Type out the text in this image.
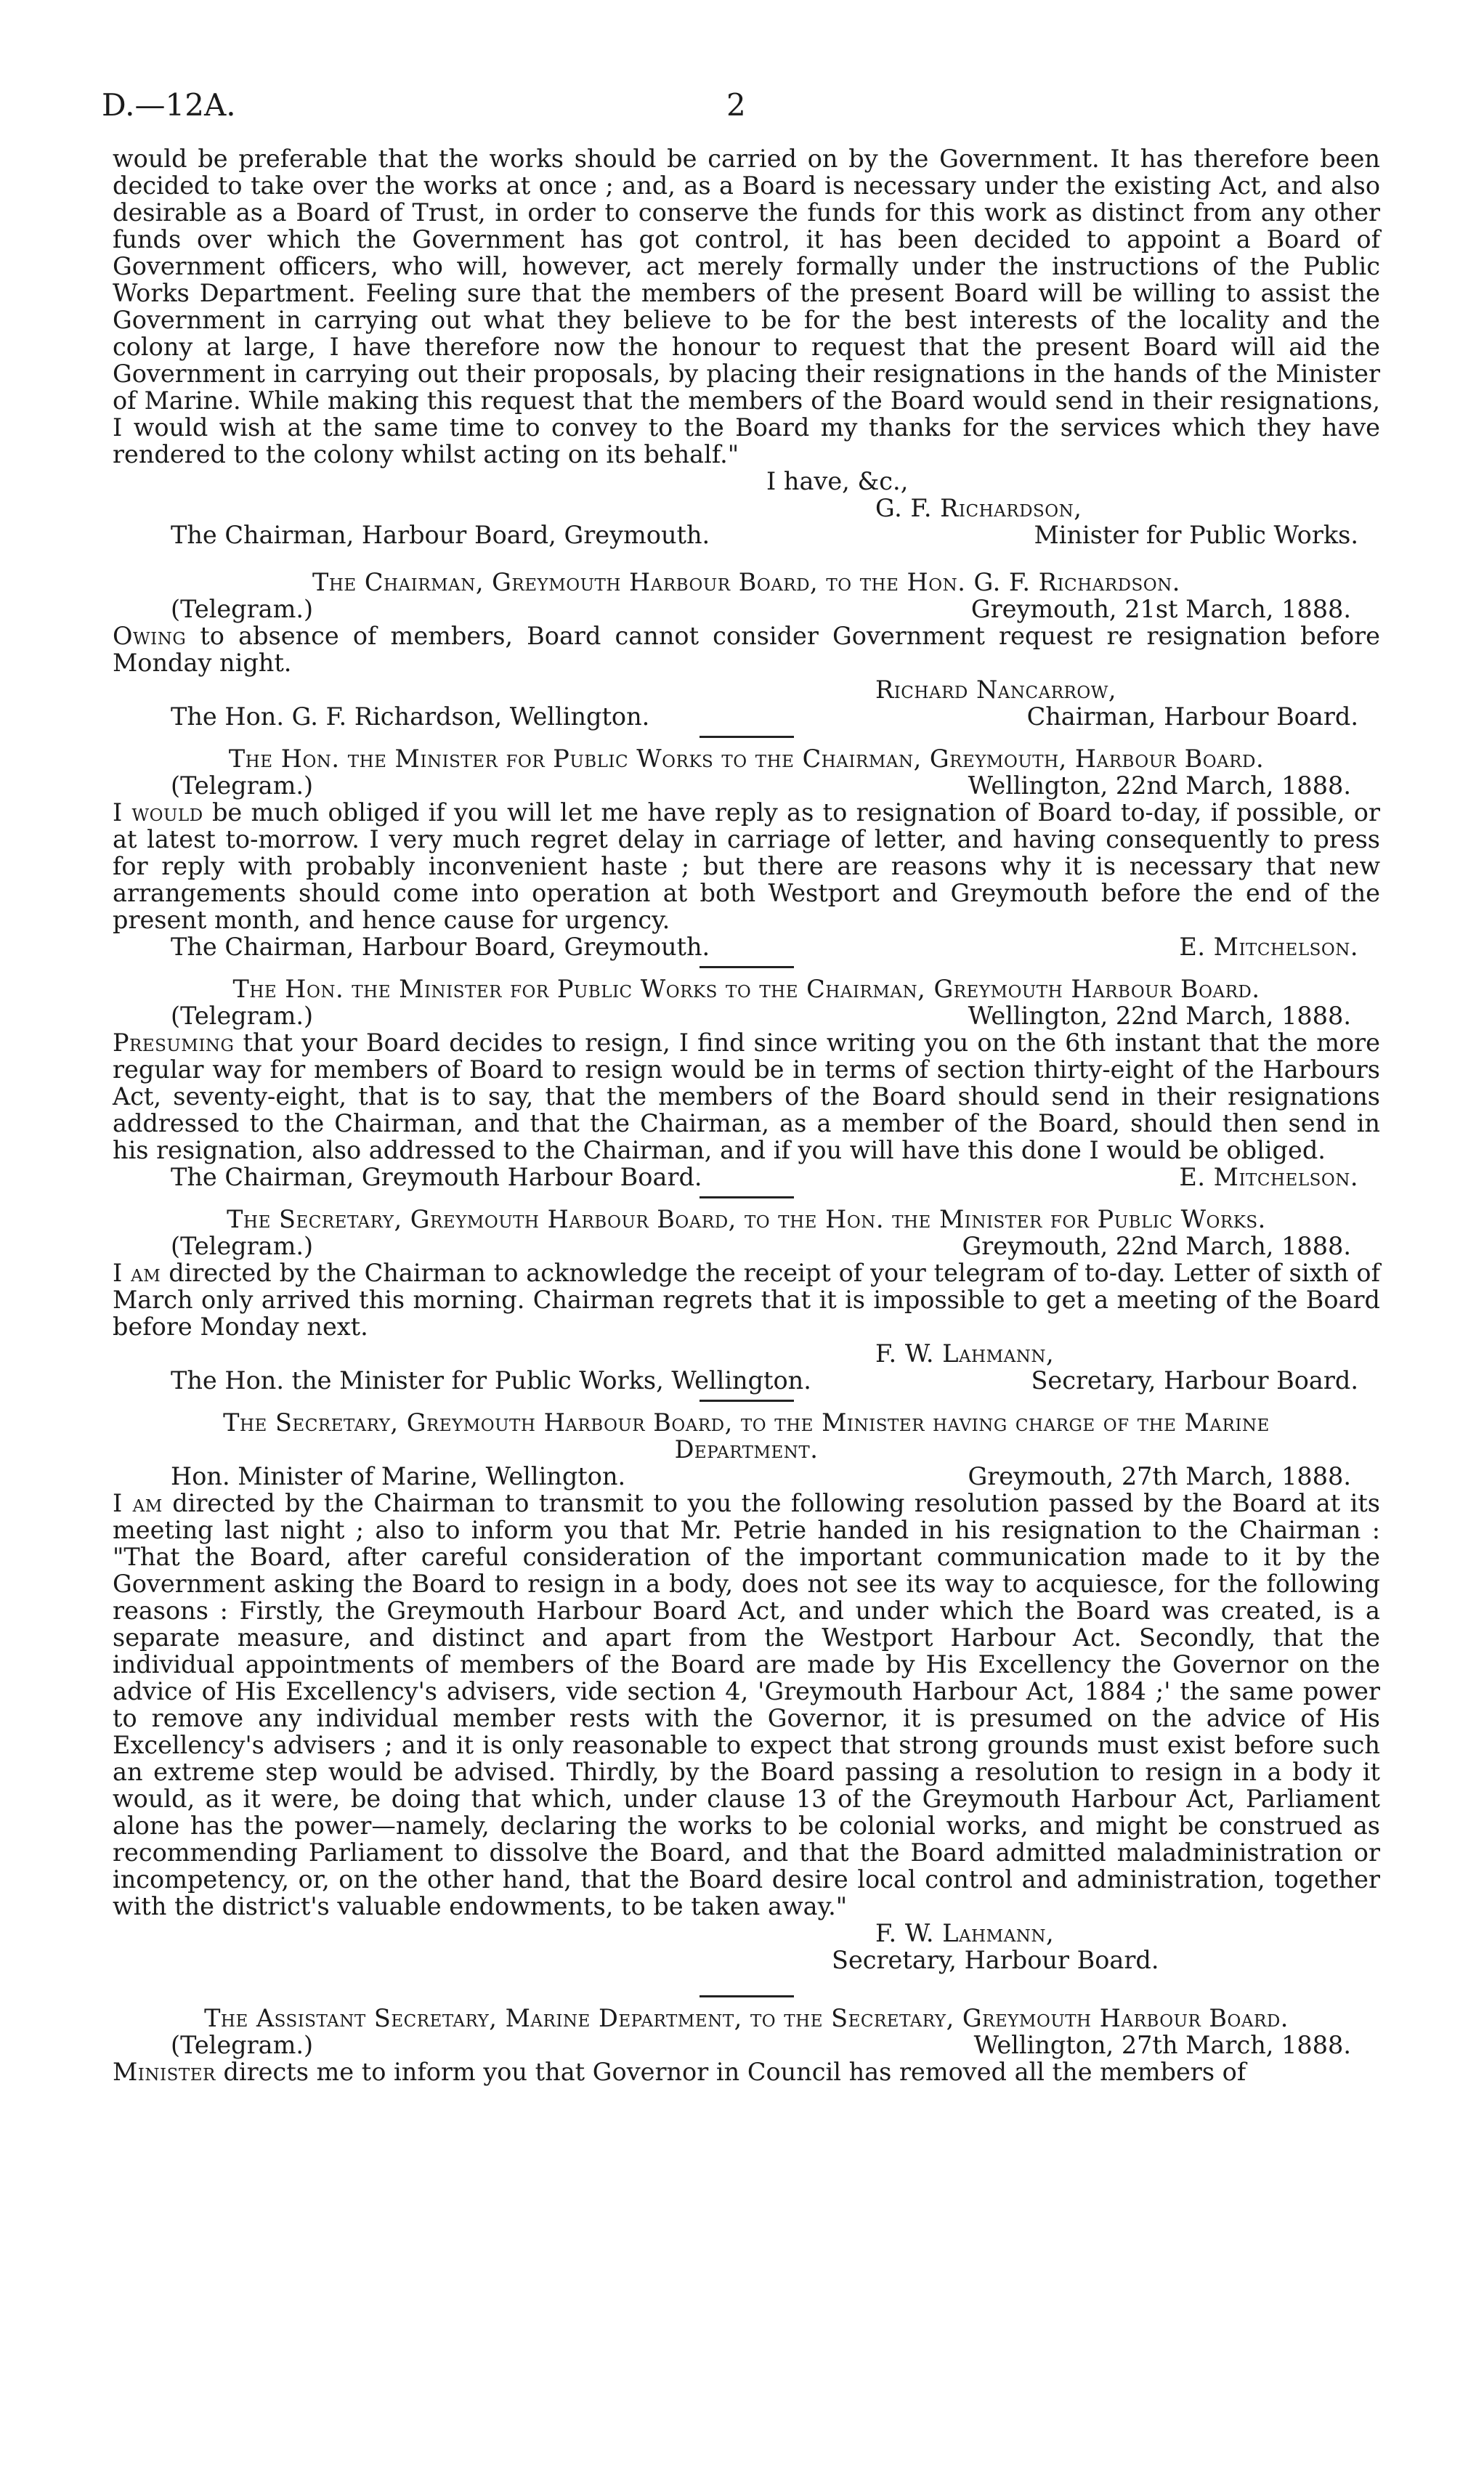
D.—12A.	2

would be preferable that the works should be carried on by the Government. It has therefore been decided to take over the works at once ; and, as a Board is necessary under the existing Act, and also desirable as a Board of Trust, in order to conserve the funds for this work as distinct from any other funds over which the Government has got control, it has been decided to appoint a Board of Government officers, who will, however, act merely formally under the instructions of the Public Works Department. Feeling sure that the members of the present Board will be willing to assist the Government in carrying out what they believe to be for the best interests of the locality and the colony at large, I have therefore now the honour to request that the present Board will aid the Government in carrying out their proposals, by placing their resignations in the hands of the Minister of Marine. While making this request that the members of the Board would send in their resignations, I would wish at the same time to convey to the Board my thanks for the services which they have rendered to the colony whilst acting on its behalf."

I have, &c.,
G. F. Richardson,
The Chairman, Harbour Board, Greymouth.	Minister for Public Works.
The Chairman, Greymouth Harbour Board, to the Hon. G. F. Richardson.
(Telegram.)	Greymouth, 21st March, 1888.

Owing to absence of members, Board cannot consider Government request re resignation before Monday night.

Richard Nancarrow,
The Hon. G. F. Richardson, Wellington.	Chairman, Harbour Board.
The Hon. the Minister for Public Works to the Chairman, Greymouth, Harbour Board.
(Telegram.)	Wellington, 22nd March, 1888.

I would be much obliged if you will let me have reply as to resignation of Board to-day, if possible, or at latest to-morrow. I very much regret delay in carriage of letter, and having consequently to press for reply with probably inconvenient haste ; but there are reasons why it is necessary that new arrangements should come into operation at both Westport and Greymouth before the end of the present month, and hence cause for urgency.

The Chairman, Harbour Board, Greymouth.	E. Mitchelson.
The Hon. the Minister for Public Works to the Chairman, Greymouth Harbour Board.
(Telegram.)	Wellington, 22nd March, 1888.

Presuming that your Board decides to resign, I find since writing you on the 6th instant that the more regular way for members of Board to resign would be in terms of section thirty-eight of the Harbours Act, seventy-eight, that is to say, that the members of the Board should send in their resignations addressed to the Chairman, and that the Chairman, as a member of the Board, should then send in his resignation, also addressed to the Chairman, and if you will have this done I would be obliged.

The Chairman, Greymouth Harbour Board.	E. Mitchelson.
The Secretary, Greymouth Harbour Board, to the Hon. the Minister for Public Works.
(Telegram.)	Greymouth, 22nd March, 1888.

I am directed by the Chairman to acknowledge the receipt of your telegram of to-day. Letter of sixth of March only arrived this morning. Chairman regrets that it is impossible to get a meeting of the Board before Monday next.

F. W. Lahmann,
The Hon. the Minister for Public Works, Wellington.	Secretary, Harbour Board.
The Secretary, Greymouth Harbour Board, to the Minister having charge of the Marine
Department.
Hon. Minister of Marine, Wellington.	Greymouth, 27th March, 1888.

I am directed by the Chairman to transmit to you the following resolution passed by the Board at its meeting last night ; also to inform you that Mr. Petrie handed in his resignation to the Chairman : "That the Board, after careful consideration of the important communication made to it by the Government asking the Board to resign in a body, does not see its way to acquiesce, for the following reasons : Firstly, the Greymouth Harbour Board Act, and under which the Board was created, is a separate measure, and distinct and apart from the Westport Harbour Act. Secondly, that the individual appointments of members of the Board are made by His Excellency the Governor on the advice of His Excellency's advisers, vide section 4, 'Greymouth Harbour Act, 1884 ;' the same power to remove any individual member rests with the Governor, it is presumed on the advice of His Excellency's advisers ; and it is only reasonable to expect that strong grounds must exist before such an extreme step would be advised. Thirdly, by the Board passing a resolution to resign in a body it would, as it were, be doing that which, under clause 13 of the Greymouth Harbour Act, Parliament alone has the power—namely, declaring the works to be colonial works, and might be construed as recommending Parliament to dissolve the Board, and that the Board admitted maladministration or incompetency, or, on the other hand, that the Board desire local control and administration, together with the district's valuable endowments, to be taken away."

F. W. Lahmann,
Secretary, Harbour Board.
The Assistant Secretary, Marine Department, to the Secretary, Greymouth Harbour Board.
(Telegram.)	Wellington, 27th March, 1888.

Minister directs me to inform you that Governor in Council has removed all the members of
